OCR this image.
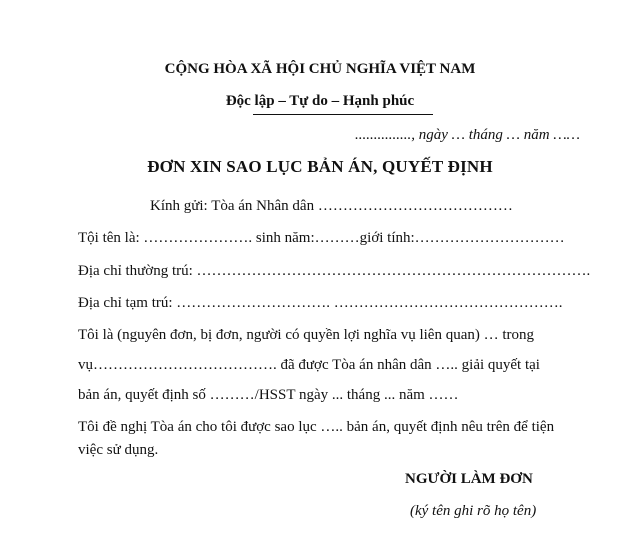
CỘNG HÒA XÃ HỘI CHỦ NGHĨA VIỆT NAM
Độc lập – Tự do – Hạnh phúc
..............., ngày … tháng … năm ……
ĐƠN XIN SAO LỤC BẢN ÁN, QUYẾT ĐỊNH
Kính gửi: Tòa án Nhân dân …………………………………
Tội tên là: …………………. sinh năm:………giới tính:…………………………
Địa chỉ thường trú: …………………………………………………………………….
Địa chỉ tạm trú: …………………………. ……………………………………….
Tôi là (nguyên đơn, bị đơn, người có quyền lợi nghĩa vụ liên quan) … trong
vụ………………………………. đã được Tòa án nhân dân ….. giải quyết tại
bản án, quyết định số ………/HSST ngày ... tháng ... năm ……
Tôi đề nghị Tòa án cho tôi được sao lục ….. bản án, quyết định nêu trên để tiện
việc sử dụng.
NGƯỜI LÀM ĐƠN
(ký tên ghi rõ họ tên)
